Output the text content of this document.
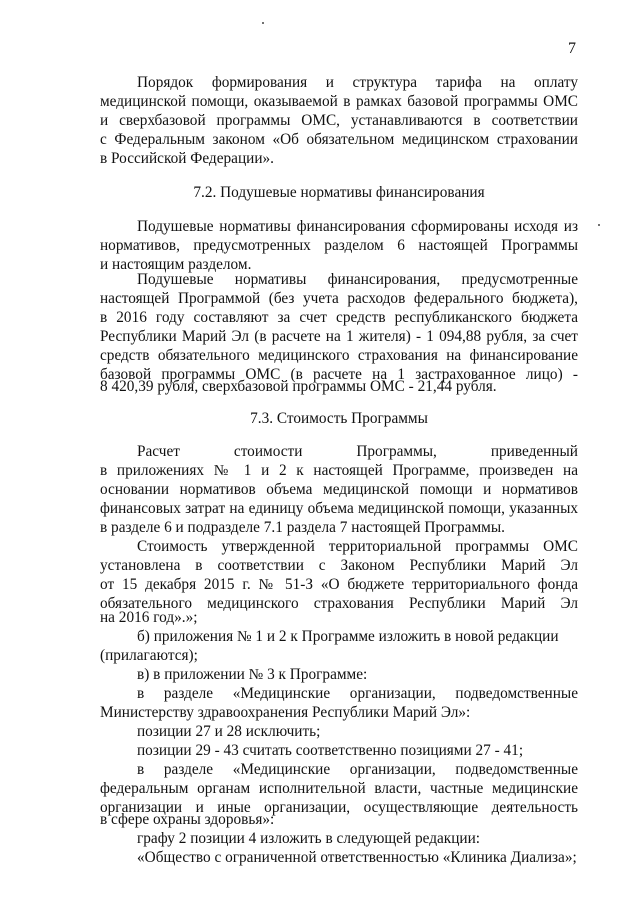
7
Порядок формирования и структура тарифа на оплату
медицинской помощи, оказываемой в рамках базовой программы ОМС
и сверхбазовой программы ОМС, устанавливаются в соответствии
с Федеральным законом «Об обязательном медицинском страховании
в Российской Федерации».
7.2. Подушевые нормативы финансирования
Подушевые нормативы финансирования сформированы исходя из
нормативов, предусмотренных разделом 6 настоящей Программы
и настоящим разделом.
Подушевые нормативы финансирования, предусмотренные
настоящей Программой (без учета расходов федерального бюджета),
в 2016 году составляют за счет средств республиканского бюджета
Республики Марий Эл (в расчете на 1 жителя) - 1 094,88 рубля, за счет
средств обязательного медицинского страхования на финансирование
базовой программы ОМС (в расчете на 1 застрахованное лицо) -
8 420,39 рубля, сверхбазовой программы ОМС - 21,44 рубля.
7.3. Стоимость Программы
Расчет стоимости Программы, приведенный
в приложениях № 1 и 2 к настоящей Программе, произведен на
основании нормативов объема медицинской помощи и нормативов
финансовых затрат на единицу объема медицинской помощи, указанных
в разделе 6 и подразделе 7.1 раздела 7 настоящей Программы.
Стоимость утвержденной территориальной программы ОМС
установлена в соответствии с Законом Республики Марий Эл
от 15 декабря 2015 г. № 51-З «О бюджете территориального фонда
обязательного медицинского страхования Республики Марий Эл
на 2016 год».»;
б) приложения № 1 и 2 к Программе изложить в новой редакции
(прилагаются);
в) в приложении № 3 к Программе:
в разделе «Медицинские организации, подведомственные
Министерству здравоохранения Республики Марий Эл»:
позиции 27 и 28 исключить;
позиции 29 - 43 считать соответственно позициями 27 - 41;
в разделе «Медицинские организации, подведомственные
федеральным органам исполнительной власти, частные медицинские
организации и иные организации, осуществляющие деятельность
в сфере охраны здоровья»:
графу 2 позиции 4 изложить в следующей редакции:
«Общество с ограниченной ответственностью «Клиника Диализа»;
